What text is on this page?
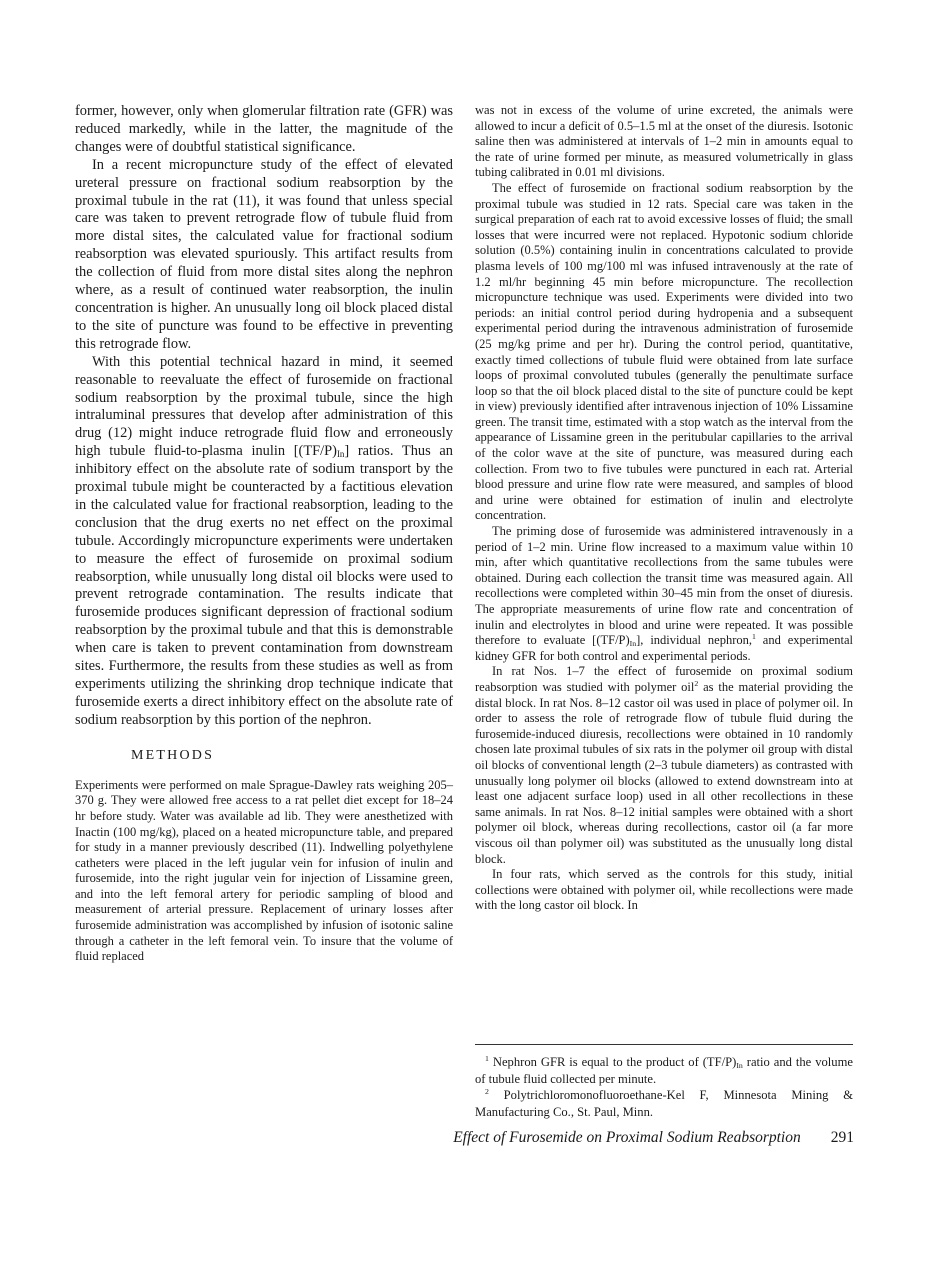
former, however, only when glomerular filtration rate (GFR) was reduced markedly, while in the latter, the magnitude of the changes were of doubtful statistical significance.

In a recent micropuncture study of the effect of elevated ureteral pressure on fractional sodium reabsorption by the proximal tubule in the rat (11), it was found that unless special care was taken to prevent retrograde flow of tubule fluid from more distal sites, the calculated value for fractional sodium reabsorption was elevated spuriously. This artifact results from the collection of fluid from more distal sites along the nephron where, as a result of continued water reabsorption, the inulin concentration is higher. An unusually long oil block placed distal to the site of puncture was found to be effective in preventing this retrograde flow.

With this potential technical hazard in mind, it seemed reasonable to reevaluate the effect of furosemide on fractional sodium reabsorption by the proximal tubule, since the high intraluminal pressures that develop after administration of this drug (12) might induce retrograde fluid flow and erroneously high tubule fluid-to-plasma inulin $[(TF/P)_{In}]$ ratios. Thus an inhibitory effect on the absolute rate of sodium transport by the proximal tubule might be counteracted by a factitious elevation in the calculated value for fractional reabsorption, leading to the conclusion that the drug exerts no net effect on the proximal tubule. Accordingly micropuncture experiments were undertaken to measure the effect of furosemide on proximal sodium reabsorption, while unusually long distal oil blocks were used to prevent retrograde contamination. The results indicate that furosemide produces significant depression of fractional sodium reabsorption by the proximal tubule and that this is demonstrable when care is taken to prevent contamination from downstream sites. Furthermore, the results from these studies as well as from experiments utilizing the shrinking drop technique indicate that furosemide exerts a direct inhibitory effect on the absolute rate of sodium reabsorption by this portion of the nephron.

METHODS

Experiments were performed on male Sprague-Dawley rats weighing 205–370 g. They were allowed free access to a rat pellet diet except for 18–24 hr before study. Water was available ad lib. They were anesthetized with Inactin (100 mg/kg), placed on a heated micropuncture table, and prepared for study in a manner previously described (11). Indwelling polyethylene catheters were placed in the left jugular vein for infusion of inulin and furosemide, into the right jugular vein for injection of Lissamine green, and into the left femoral artery for periodic sampling of blood and measurement of arterial pressure. Replacement of urinary losses after furosemide administration was accomplished by infusion of isotonic saline through a catheter in the left femoral vein. To insure that the volume of fluid replaced

was not in excess of the volume of urine excreted, the animals were allowed to incur a deficit of 0.5–1.5 ml at the onset of the diuresis. Isotonic saline then was administered at intervals of 1–2 min in amounts equal to the rate of urine formed per minute, as measured volumetrically in glass tubing calibrated in 0.01 ml divisions.

The effect of furosemide on fractional sodium reabsorption by the proximal tubule was studied in 12 rats. Special care was taken in the surgical preparation of each rat to avoid excessive losses of fluid; the small losses that were incurred were not replaced. Hypotonic sodium chloride solution (0.5%) containing inulin in concentrations calculated to provide plasma levels of 100 mg/100 ml was infused intravenously at the rate of 1.2 ml/hr beginning 45 min before micropuncture. The recollection micropuncture technique was used. Experiments were divided into two periods: an initial control period during hydropenia and a subsequent experimental period during the intravenous administration of furosemide (25 mg/kg prime and per hr). During the control period, quantitative, exactly timed collections of tubule fluid were obtained from late surface loops of proximal convoluted tubules (generally the penultimate surface loop so that the oil block placed distal to the site of puncture could be kept in view) previously identified after intravenous injection of 10% Lissamine green. The transit time, estimated with a stop watch as the interval from the appearance of Lissamine green in the peritubular capillaries to the arrival of the color wave at the site of puncture, was measured during each collection. From two to five tubules were punctured in each rat. Arterial blood pressure and urine flow rate were measured, and samples of blood and urine were obtained for estimation of inulin and electrolyte concentration.

The priming dose of furosemide was administered intravenously in a period of 1–2 min. Urine flow increased to a maximum value within 10 min, after which quantitative recollections from the same tubules were obtained. During each collection the transit time was measured again. All recollections were completed within 30–45 min from the onset of diuresis. The appropriate measurements of urine flow rate and concentration of inulin and electrolytes in blood and urine were repeated. It was possible therefore to evaluate $[(TF/P)_{In}]$, individual nephron,$^1$ and experimental kidney GFR for both control and experimental periods.

In rat Nos. 1–7 the effect of furosemide on proximal sodium reabsorption was studied with polymer oil$^2$ as the material providing the distal block. In rat Nos. 8–12 castor oil was used in place of polymer oil. In order to assess the role of retrograde flow of tubule fluid during the furosemide-induced diuresis, recollections were obtained in 10 randomly chosen late proximal tubules of six rats in the polymer oil group with distal oil blocks of conventional length (2–3 tubule diameters) as contrasted with unusually long polymer oil blocks (allowed to extend downstream into at least one adjacent surface loop) used in all other recollections in these same animals. In rat Nos. 8–12 initial samples were obtained with a short polymer oil block, whereas during recollections, castor oil (a far more viscous oil than polymer oil) was substituted as the unusually long distal block.

In four rats, which served as the controls for this study, initial collections were obtained with polymer oil, while recollections were made with the long castor oil block. In

$^1$ Nephron GFR is equal to the product of $(TF/P)_{In}$ ratio and the volume of tubule fluid collected per minute.

$^2$ Polytrichloromonofluoroethane-Kel F, Minnesota Mining & Manufacturing Co., St. Paul, Minn.

Effect of Furosemide on Proximal Sodium Reabsorption 291
